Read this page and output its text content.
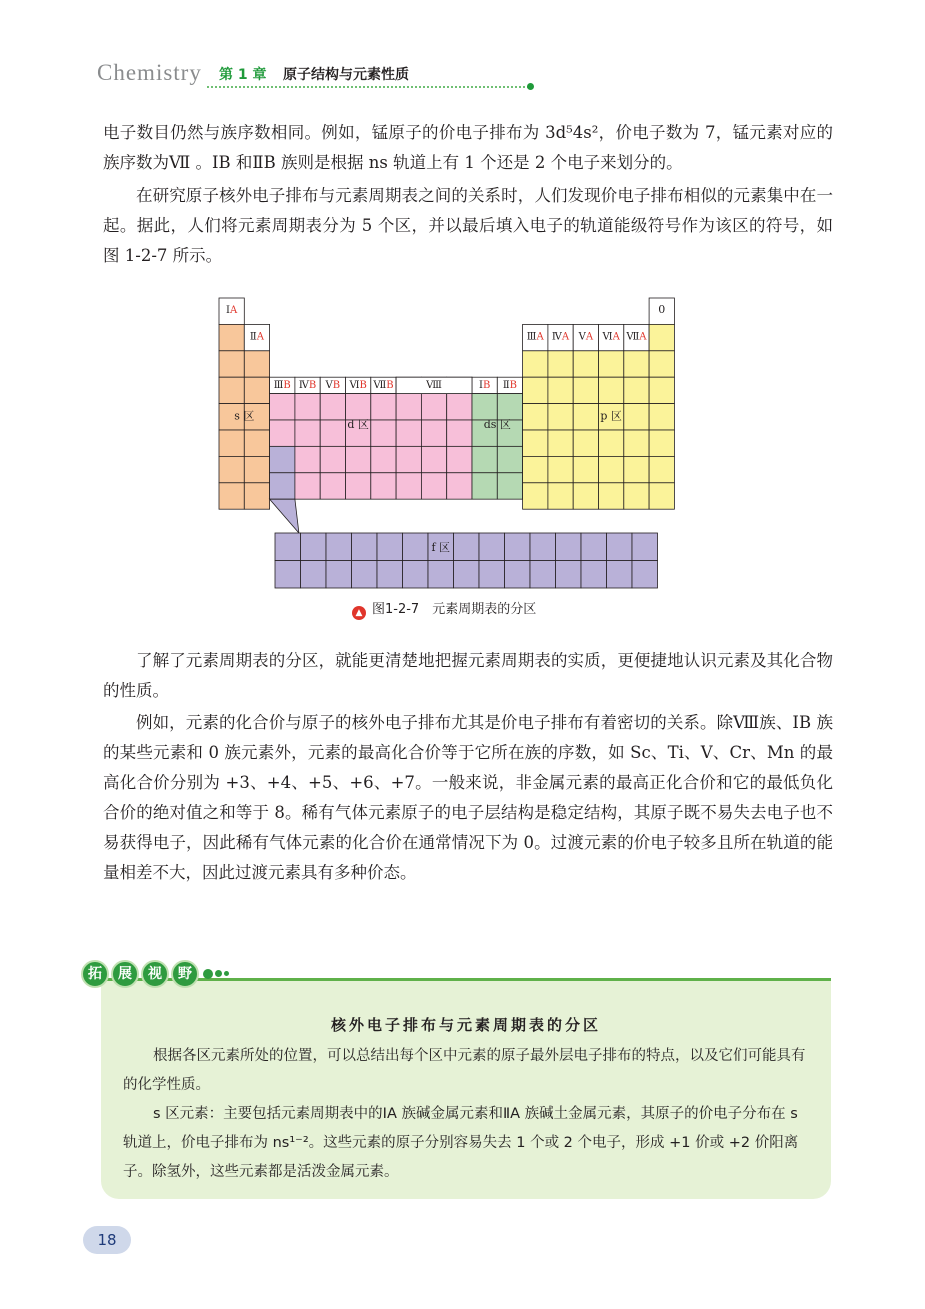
Chemistry 第 1 章 原子结构与元素性质

电子数目仍然与族序数相同。例如，锰原子的价电子排布为 3d⁵4s²，价电子数为 7，锰元素对应的族序数为Ⅶ 。ⅠB 和ⅡB 族则是根据 ns 轨道上有 1 个还是 2 个电子来划分的。

在研究原子核外电子排布与元素周期表之间的关系时，人们发现价电子排布相似的元素集中在一起。据此，人们将元素周期表分为 5 个区，并以最后填入电子的轨道能级符号作为该区的符号，如图 1-2-7 所示。

ⅠA
ⅡA
ⅢB ⅣB ⅤB ⅥB ⅦB	Ⅷ	ⅠB ⅡB
ⅢA ⅣA ⅤA ⅥA ⅦA
0
s 区
d 区	ds 区
p 区
f 区
▲ 图1-2-7　元素周期表的分区

了解了元素周期表的分区，就能更清楚地把握元素周期表的实质，更便捷地认识元素及其化合物的性质。

例如，元素的化合价与原子的核外电子排布尤其是价电子排布有着密切的关系。除Ⅷ族、ⅠB 族的某些元素和 0 族元素外，元素的最高化合价等于它所在族的序数，如 Sc、Ti、V、Cr、Mn 的最高化合价分别为 +3、+4、+5、+6、+7。一般来说，非金属元素的最高正化合价和它的最低负化合价的绝对值之和等于 8。稀有气体元素原子的电子层结构是稳定结构，其原子既不易失去电子也不易获得电子，因此稀有气体元素的化合价在通常情况下为 0。过渡元素的价电子较多且所在轨道的能量相差不大，因此过渡元素具有多种价态。

拓 展 视 野
核外电子排布与元素周期表的分区

根据各区元素所处的位置，可以总结出每个区中元素的原子最外层电子排布的特点，以及它们可能具有的化学性质。

s 区元素：主要包括元素周期表中的ⅠA 族碱金属元素和ⅡA 族碱土金属元素，其原子的价电子分布在 s 轨道上，价电子排布为 ns¹⁻²。这些元素的原子分别容易失去 1 个或 2 个电子，形成 +1 价或 +2 价阳离子。除氢外，这些元素都是活泼金属元素。

18
